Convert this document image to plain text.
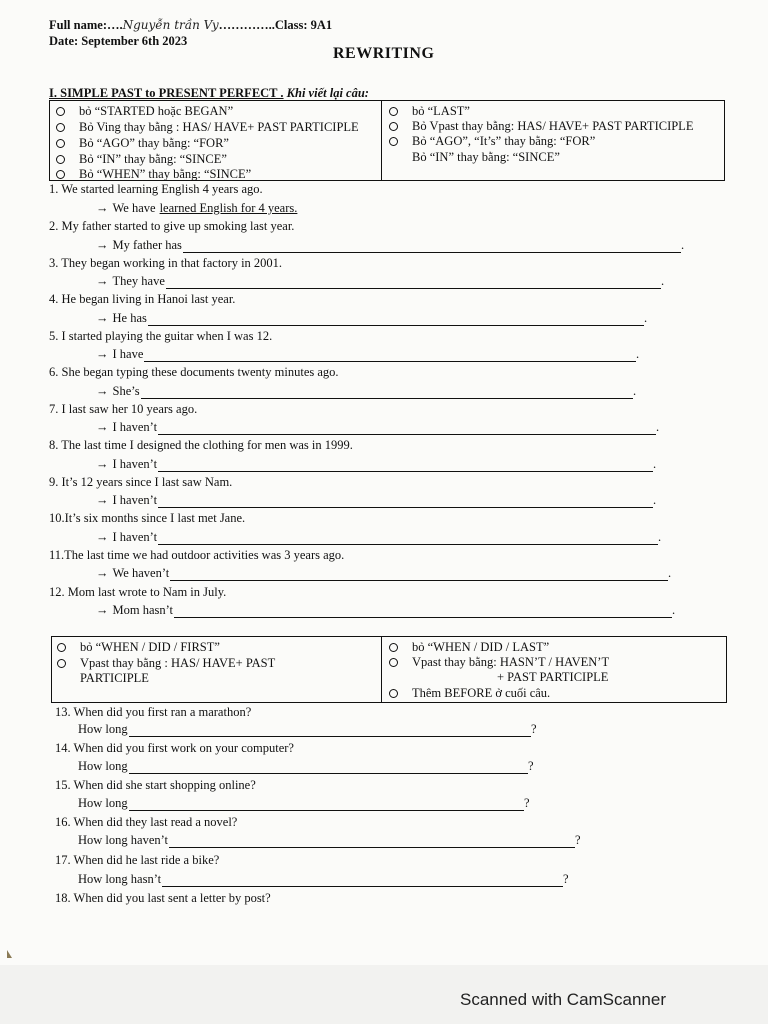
Full name:….Nguyễn trần Vy…………..Class: 9A1
Date: September 6th 2023
REWRITING
I. SIMPLE PAST to PRESENT PERFECT . Khi viết lại câu:
bỏ “STARTED hoặc BEGAN”
Bỏ Ving thay bằng : HAS/ HAVE+ PAST PARTICIPLE
Bỏ “AGO” thay bằng: “FOR”
Bỏ “IN” thay bằng: “SINCE”
Bỏ “WHEN” thay bằng: “SINCE”
bỏ “LAST”
Bỏ Vpast thay bằng: HAS/ HAVE+ PAST PARTICIPLE
Bỏ “AGO”, “It’s” thay bằng: “FOR”
Bỏ “IN” thay bằng: “SINCE”
1. We started learning English 4 years ago.
→ We have learned English for 4 years.
2. My father started to give up smoking last year.
→ My father has	.
3. They began working in that factory in 2001.
→ They have	.
4. He began living in Hanoi last year.
→ He has	.
5. I started playing the guitar when I was 12.
→ I have	.
6. She began typing these documents twenty minutes ago.
→ She’s	.
7. I last saw her 10 years ago.
→ I haven’t	.
8. The last time I designed the clothing for men was in 1999.
→ I haven’t	.
9. It’s 12 years since I last saw Nam.
→ I haven’t	.
10.It’s six months since I last met Jane.
→ I haven’t	.
11.The last time we had outdoor activities was 3 years ago.
→ We haven’t	.
12. Mom last wrote to Nam in July.
→ Mom hasn’t	.
bỏ “WHEN / DID / FIRST”
Vpast thay bằng : HAS/ HAVE+ PAST
PARTICIPLE
bỏ “WHEN / DID / LAST”
Vpast thay bằng: HASN’T / HAVEN’T
+ PAST PARTICIPLE
Thêm BEFORE ở cuối câu.
13. When did you first ran a marathon?
How long	?
14. When did you first work on your computer?
How long	?
15. When did she start shopping online?
How long	?
16. When did they last read a novel?
How long haven’t	?
17. When did he last ride a bike?
How long hasn’t	?
18. When did you last sent a letter by post?
Scanned with CamScanner
